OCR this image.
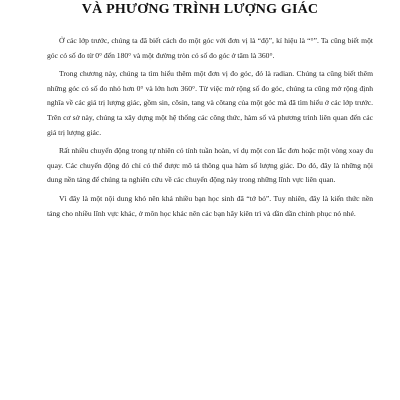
VÀ PHƯƠNG TRÌNH LƯỢNG GIÁC

Ở các lớp trước, chúng ta đã biết cách đo một góc với đơn vị là “độ”, kí hiệu là “°”. Ta cũng biết một góc có số đo từ 0° đến 180° và một đường tròn có số đo góc ở tâm là 360°.

Trong chương này, chúng ta tìm hiểu thêm một đơn vị đo góc, đó là radian. Chúng ta cũng biết thêm những góc có số đo nhỏ hơn 0° và lớn hơn 360°. Từ việc mở rộng số đo góc, chúng ta cũng mở rộng định nghĩa về các giá trị lượng giác, gồm sin, côsin, tang và côtang của một góc mà đã tìm hiểu ở các lớp trước. Trên cơ sở này, chúng ta xây dựng một hệ thống các công thức, hàm số và phương trình liên quan đến các giá trị lượng giác.

Rất nhiều chuyển động trong tự nhiên có tính tuần hoàn, ví dụ một con lắc đơn hoặc một vòng xoay đu quay. Các chuyển động đó chỉ có thể được mô tả thông qua hàm số lượng giác. Do đó, đây là những nội dung nền tảng để chúng ta nghiên cứu về các chuyển động này trong những lĩnh vực liên quan.

Vì đây là một nội dung khó nên khá nhiều bạn học sinh đã “tớ bỏ”. Tuy nhiên, đây là kiến thức nền tảng cho nhiều lĩnh vực khác, ở môn học khác nên các bạn hãy kiên trì và dần dần chinh phục nó nhé.
